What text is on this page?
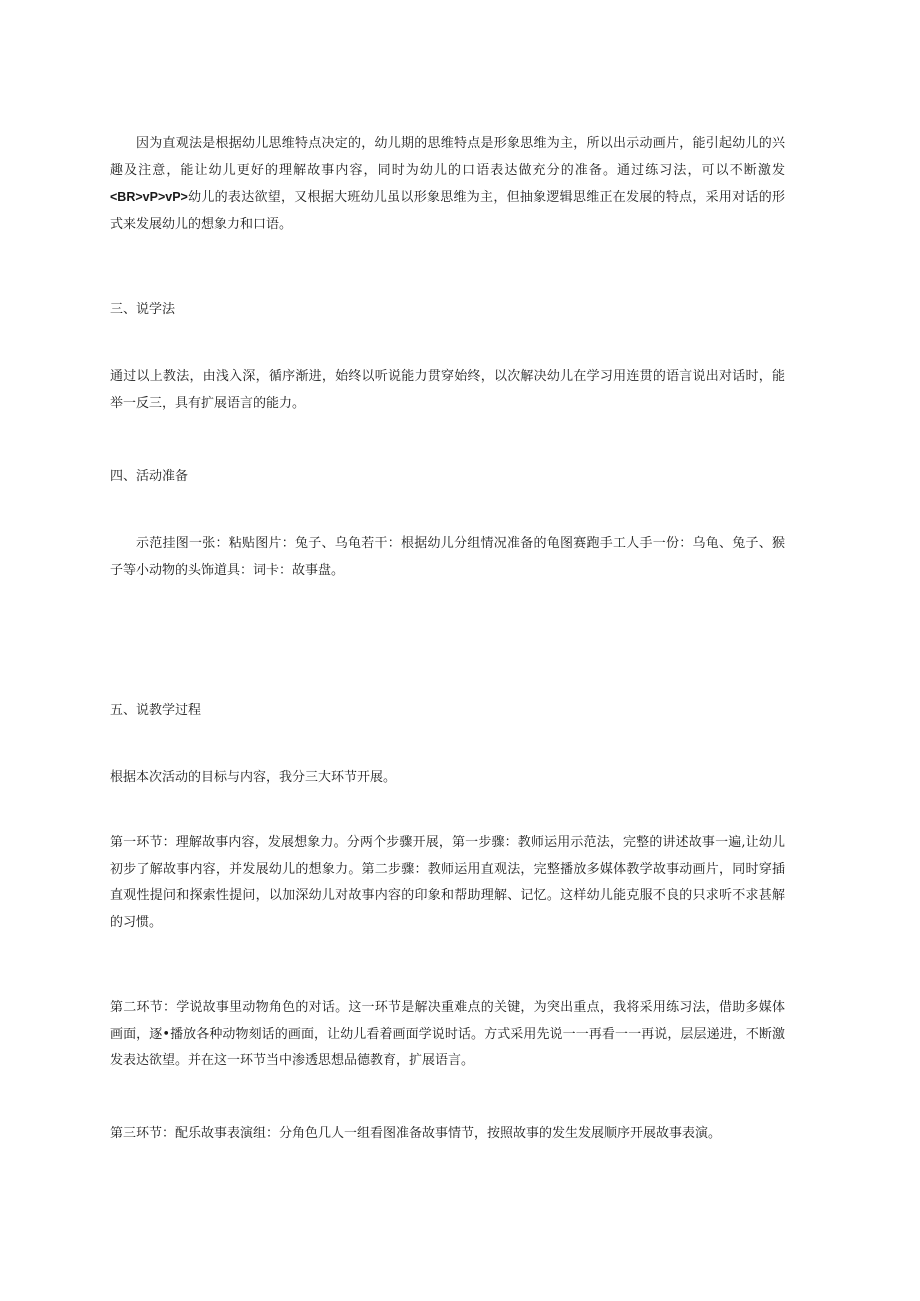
因为直观法是根据幼儿思维特点决定的，幼儿期的思维特点是形象思维为主，所以出示动画片，能引起幼儿的兴趣及注意，能让幼儿更好的理解故事内容，同时为幼儿的口语表达做充分的准备。通过练习法，可以不断激发<BR>vP>vP>幼儿的表达欲望，又根据大班幼儿虽以形象思维为主，但抽象逻辑思维正在发展的特点，采用对话的形式来发展幼儿的想象力和口语。

三、说学法

通过以上教法，由浅入深，循序渐进，始终以听说能力贯穿始终，以次解决幼儿在学习用连贯的语言说出对话时，能举一反三，具有扩展语言的能力。

四、活动准备

示范挂图一张：粘贴图片：兔子、乌龟若干：根据幼儿分组情况准备的龟图赛跑手工人手一份：乌龟、兔子、猴子等小动物的头饰道具：词卡：故事盘。

五、说教学过程

根据本次活动的目标与内容，我分三大环节开展。
第一环节：理解故事内容，发展想象力。分两个步骤开展，第一步骤：教师运用示范法，完整的讲述故事一遍,让幼儿初步了解故事内容，并发展幼儿的想象力。第二步骤：教师运用直观法，完整播放多媒体教学故事动画片，同时穿插直观性提问和探索性提问，以加深幼儿对故事内容的印象和帮助理解、记忆。这样幼儿能克服不良的只求听不求甚解的习惯。
第二环节：学说故事里动物角色的对话。这一环节是解决重难点的关键，为突出重点，我将采用练习法，借助多媒体画面，逐•播放各种动物刻话的画面，让幼儿看着画面学说时话。方式采用先说一一再看一一再说，层层递进，不断激发表达欲望。并在这一环节当中渗透思想品德教育，扩展语言。
第三环节：配乐故事表演组：分角色几人一组看图准备故事情节，按照故事的发生发展顺序开展故事表演。
